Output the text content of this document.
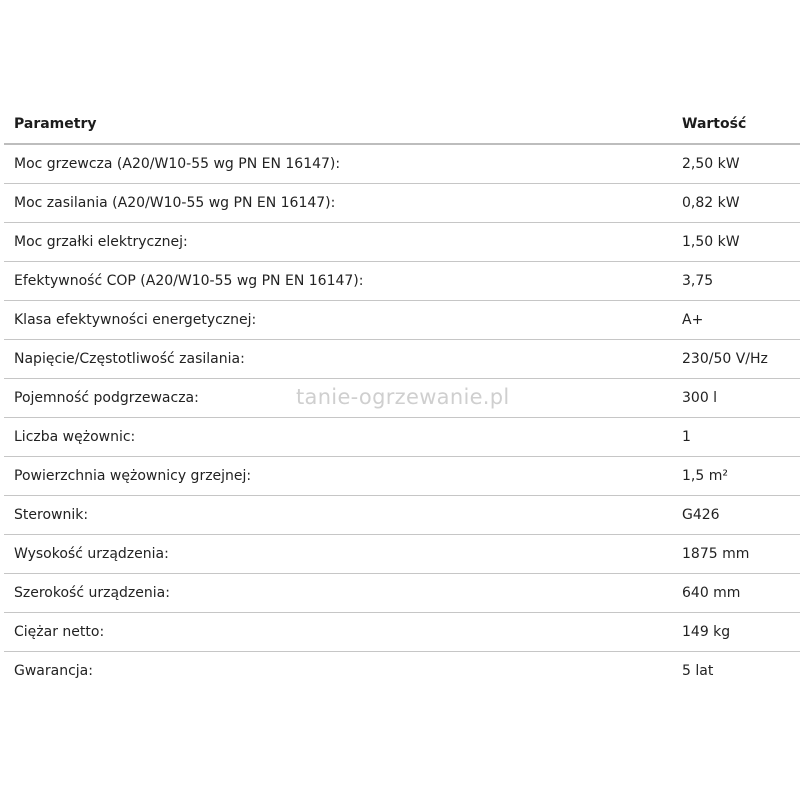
Parametry	Wartość
Moc grzewcza (A20/W10-55 wg PN EN 16147):	2,50 kW
Moc zasilania (A20/W10-55 wg PN EN 16147):	0,82 kW
Moc grzałki elektrycznej:	1,50 kW
Efektywność COP (A20/W10-55 wg PN EN 16147):	3,75
Klasa efektywności energetycznej:	A+
Napięcie/Częstotliwość zasilania:	230/50 V/Hz
Pojemność podgrzewacza:	300 l
Liczba wężownic:	1
Powierzchnia wężownicy grzejnej:	1,5 m²
Sterownik:	G426
Wysokość urządzenia:	1875 mm
Szerokość urządzenia:	640 mm
Ciężar netto:	149 kg
Gwarancja:	5 lat
tanie-ogrzewanie.pl
